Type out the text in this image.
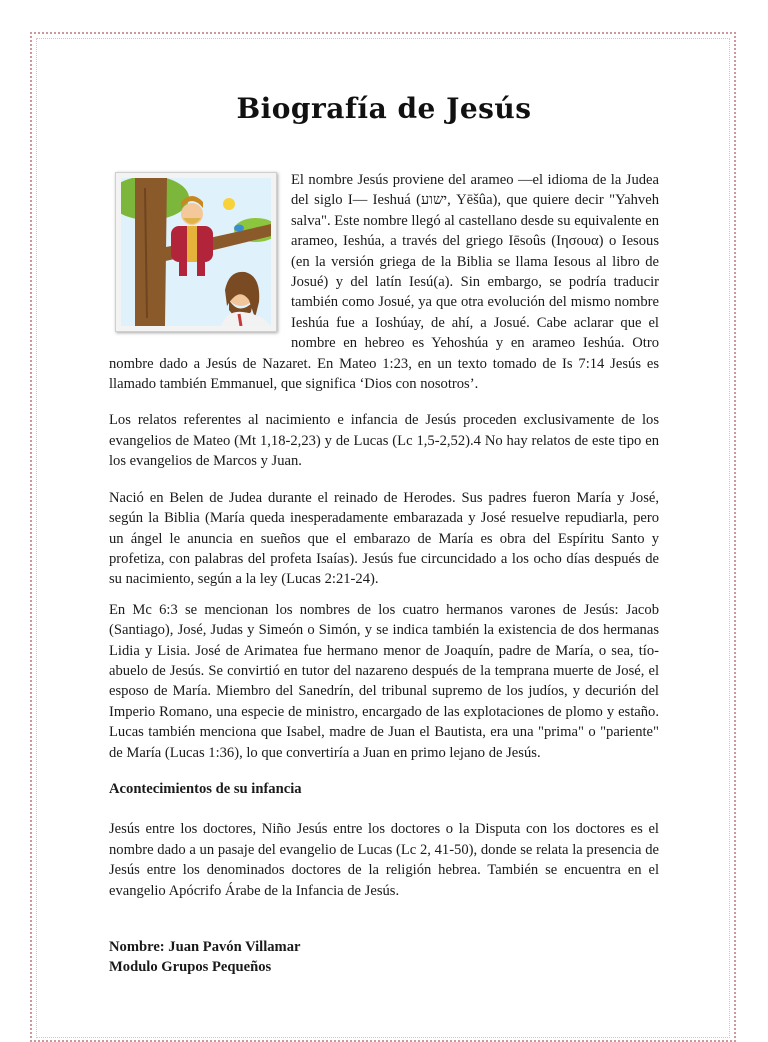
Biografía de Jesús

El nombre Jesús proviene del arameo —el idioma de la Judea del siglo I— Ieshuá (ישוע, Yēšûa), que quiere decir "Yahveh salva". Este nombre llegó al castellano desde su equivalente en arameo, Ieshúa, a través del griego Iēsoûs (Ιησουα) o Iesous (en la versión griega de la Biblia se llama Iesous al libro de Josué) y del latín Iesú(a). Sin embargo, se podría traducir también como Josué, ya que otra evolución del mismo nombre Ieshúa fue a Ioshúay, de ahí, a Josué. Cabe aclarar que el nombre en hebreo es Yehoshúa y en arameo Ieshúa. Otro nombre dado a Jesús de Nazaret. En Mateo 1:23, en un texto tomado de Is 7:14 Jesús es llamado también Emmanuel, que significa ‘Dios con nosotros’.

Los relatos referentes al nacimiento e infancia de Jesús proceden exclusivamente de los evangelios de Mateo (Mt 1,18-2,23) y de Lucas (Lc 1,5-2,52).4 No hay relatos de este tipo en los evangelios de Marcos y Juan.

Nació en Belen de Judea durante el reinado de Herodes. Sus padres fueron María y José, según la Biblia (María queda inesperadamente embarazada y José resuelve repudiarla, pero un ángel le anuncia en sueños que el embarazo de María es obra del Espíritu Santo y profetiza, con palabras del profeta Isaías). Jesús fue circuncidado a los ocho días después de su nacimiento, según a la ley (Lucas 2:21-24).

En Mc 6:3 se mencionan los nombres de los cuatro hermanos varones de Jesús: Jacob (Santiago), José, Judas y Simeón o Simón, y se indica también la existencia de dos hermanas Lidia y Lisia. José de Arimatea fue hermano menor de Joaquín, padre de María, o sea, tío-abuelo de Jesús. Se convirtió en tutor del nazareno después de la temprana muerte de José, el esposo de María. Miembro del Sanedrín, del tribunal supremo de los judíos, y decurión del Imperio Romano, una especie de ministro, encargado de las explotaciones de plomo y estaño. Lucas también menciona que Isabel, madre de Juan el Bautista, era una "prima" o "pariente" de María (Lucas 1:36), lo que convertiría a Juan en primo lejano de Jesús.

Acontecimientos de su infancia

Jesús entre los doctores, Niño Jesús entre los doctores o la Disputa con los doctores es el nombre dado a un pasaje del evangelio de Lucas (Lc 2, 41-50), donde se relata la presencia de Jesús entre los denominados doctores de la religión hebrea. También se encuentra en el evangelio Apócrifo Árabe de la Infancia de Jesús.

Nombre: Juan Pavón Villamar
Modulo Grupos Pequeños
